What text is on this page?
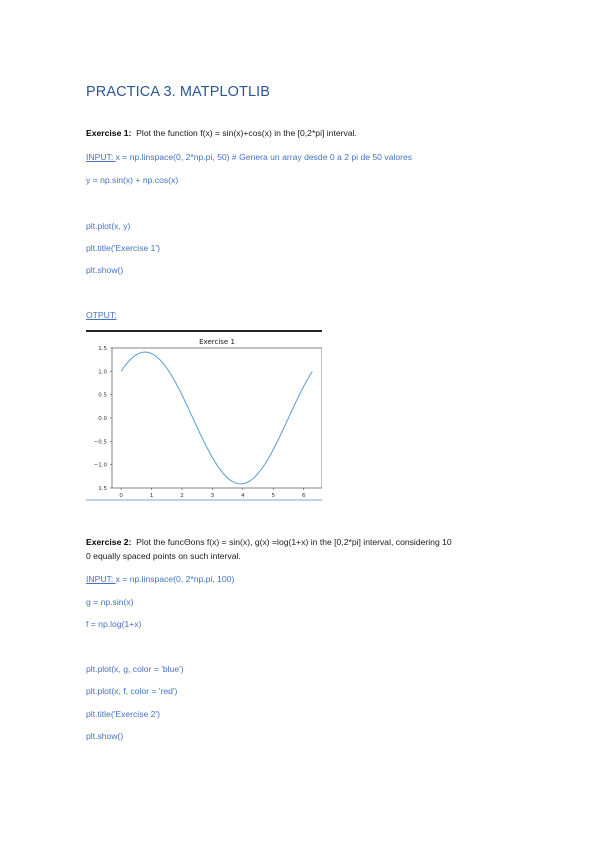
PRACTICA 3. MATPLOTLIB
Exercise 1: Plot the function f(x) = sin(x)+cos(x) in the [0,2*pi] interval.
INPUT: x = np.linspace(0, 2*np.pi, 50) # Genera un array desde 0 a 2 pi de 50 valores
y = np.sin(x) + np.cos(x)
plt.plot(x, y)
plt.title('Exercise 1')
plt.show()
OTPUT:
Exercise 1
1.5
1.0
0.5
0.0
−0.5
−1.0
1.5
0	1	2	3	4	5	6
Exercise 2: Plot the funcΘons f(x) = sin(x), g(x) =log(1+x) in the [0,2*pi] interval, considering 10
0 equally spaced points on such interval.
INPUT: x = np.linspace(0, 2*np.pi, 100)
g = np.sin(x)
f = np.log(1+x)
plt.plot(x, g, color = 'blue')
plt.plot(x, f, color = 'red')
plt.title('Exercise 2')
plt.show()
